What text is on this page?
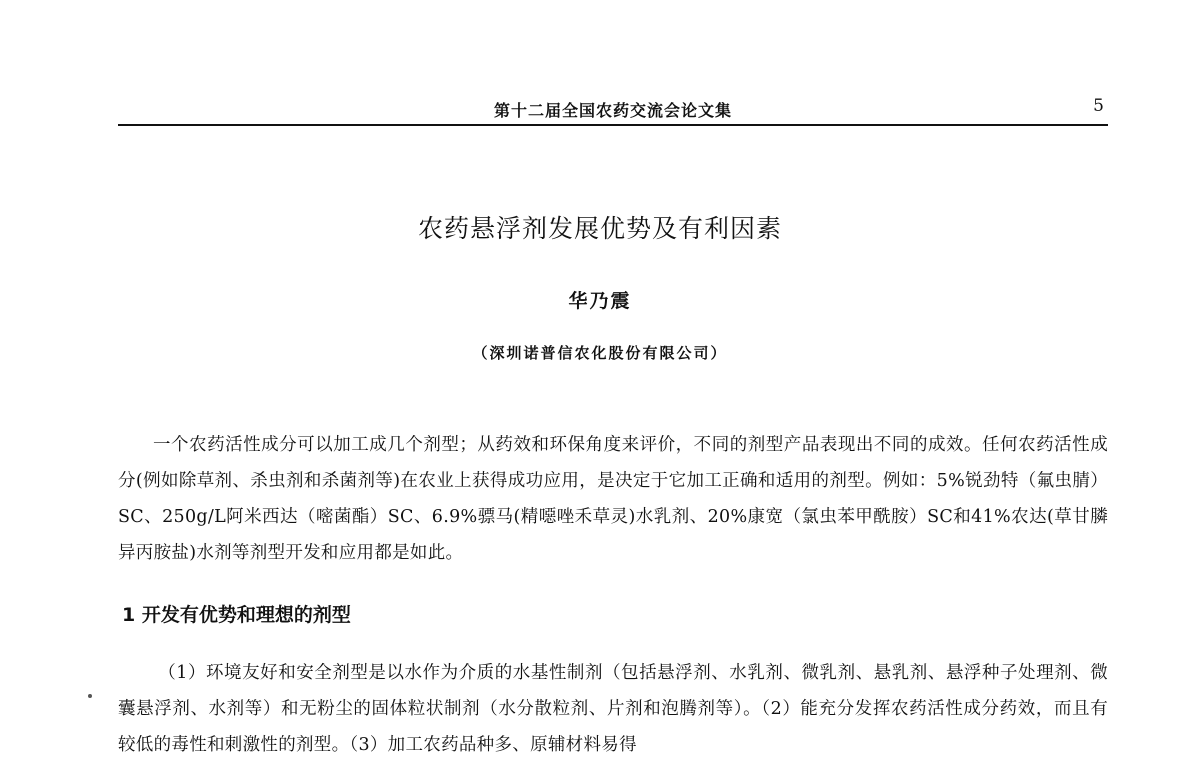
第十二届全国农药交流会论文集	5
农药悬浮剂发展优势及有利因素
华乃震
（深圳诺普信农化股份有限公司）

一个农药活性成分可以加工成几个剂型；从药效和环保角度来评价，不同的剂型产品表现出不同的成效。任何农药活性成分(例如除草剂、杀虫剂和杀菌剂等)在农业上获得成功应用，是决定于它加工正确和适用的剂型。例如：5%锐劲特（氟虫腈）SC、250g/L阿米西达（嘧菌酯）SC、6.9%骠马(精噁唑禾草灵)水乳剂、20%康宽（氯虫苯甲酰胺）SC和41%农达(草甘膦异丙胺盐)水剂等剂型开发和应用都是如此。

1 开发有优势和理想的剂型

（1）环境友好和安全剂型是以水作为介质的水基性制剂（包括悬浮剂、水乳剂、微乳剂、悬乳剂、悬浮种子处理剂、微囊悬浮剂、水剂等）和无粉尘的固体粒状制剂（水分散粒剂、片剂和泡腾剂等）。（2）能充分发挥农药活性成分药效，而且有较低的毒性和刺激性的剂型。（3）加工农药品种多、原辅材料易得
